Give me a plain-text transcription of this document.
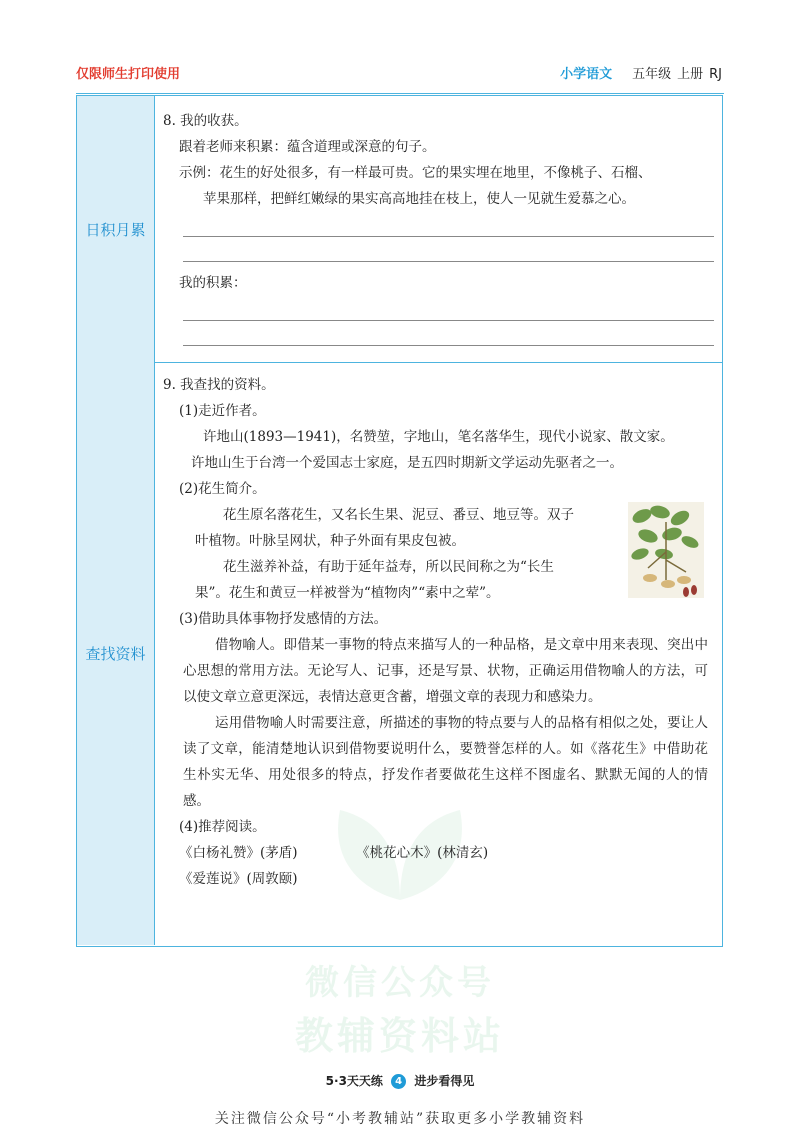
仅限师生打印使用	小学语文 五年级 上册 RJ
日积月累
查找资料

8. 我的收获。

跟着老师来积累：蕴含道理或深意的句子。

示例：花生的好处很多，有一样最可贵。它的果实埋在地里，不像桃子、石榴、

苹果那样，把鲜红嫩绿的果实高高地挂在枝上，使人一见就生爱慕之心。

我的积累：

9. 我查找的资料。

(1)走近作者。

许地山(1893—1941)，名赞堃，字地山，笔名落华生，现代小说家、散文家。

许地山生于台湾一个爱国志士家庭，是五四时期新文学运动先驱者之一。

(2)花生简介。

花生原名落花生，又名长生果、泥豆、番豆、地豆等。双子

叶植物。叶脉呈网状，种子外面有果皮包被。

花生滋养补益，有助于延年益寿，所以民间称之为“长生

果”。花生和黄豆一样被誉为“植物肉”“素中之荤”。

(3)借助具体事物抒发感情的方法。

借物喻人。即借某一事物的特点来描写人的一种品格，是文章中用来表现、突出中心思想的常用方法。无论写人、记事，还是写景、状物，正确运用借物喻人的方法，可以使文章立意更深远，表情达意更含蓄，增强文章的表现力和感染力。

运用借物喻人时需要注意，所描述的事物的特点要与人的品格有相似之处，要让人读了文章，能清楚地认识到借物要说明什么，要赞誉怎样的人。如《落花生》中借助花生朴实无华、用处很多的特点，抒发作者要做花生这样不图虚名、默默无闻的人的情感。

(4)推荐阅读。

《白杨礼赞》(茅盾)	《桃花心木》(林清玄)

《爱莲说》(周敦颐)

微信公众号
教辅资料站
5·3天天练 4 进步看得见
关注微信公众号“小考教辅站”获取更多小学教辅资料
